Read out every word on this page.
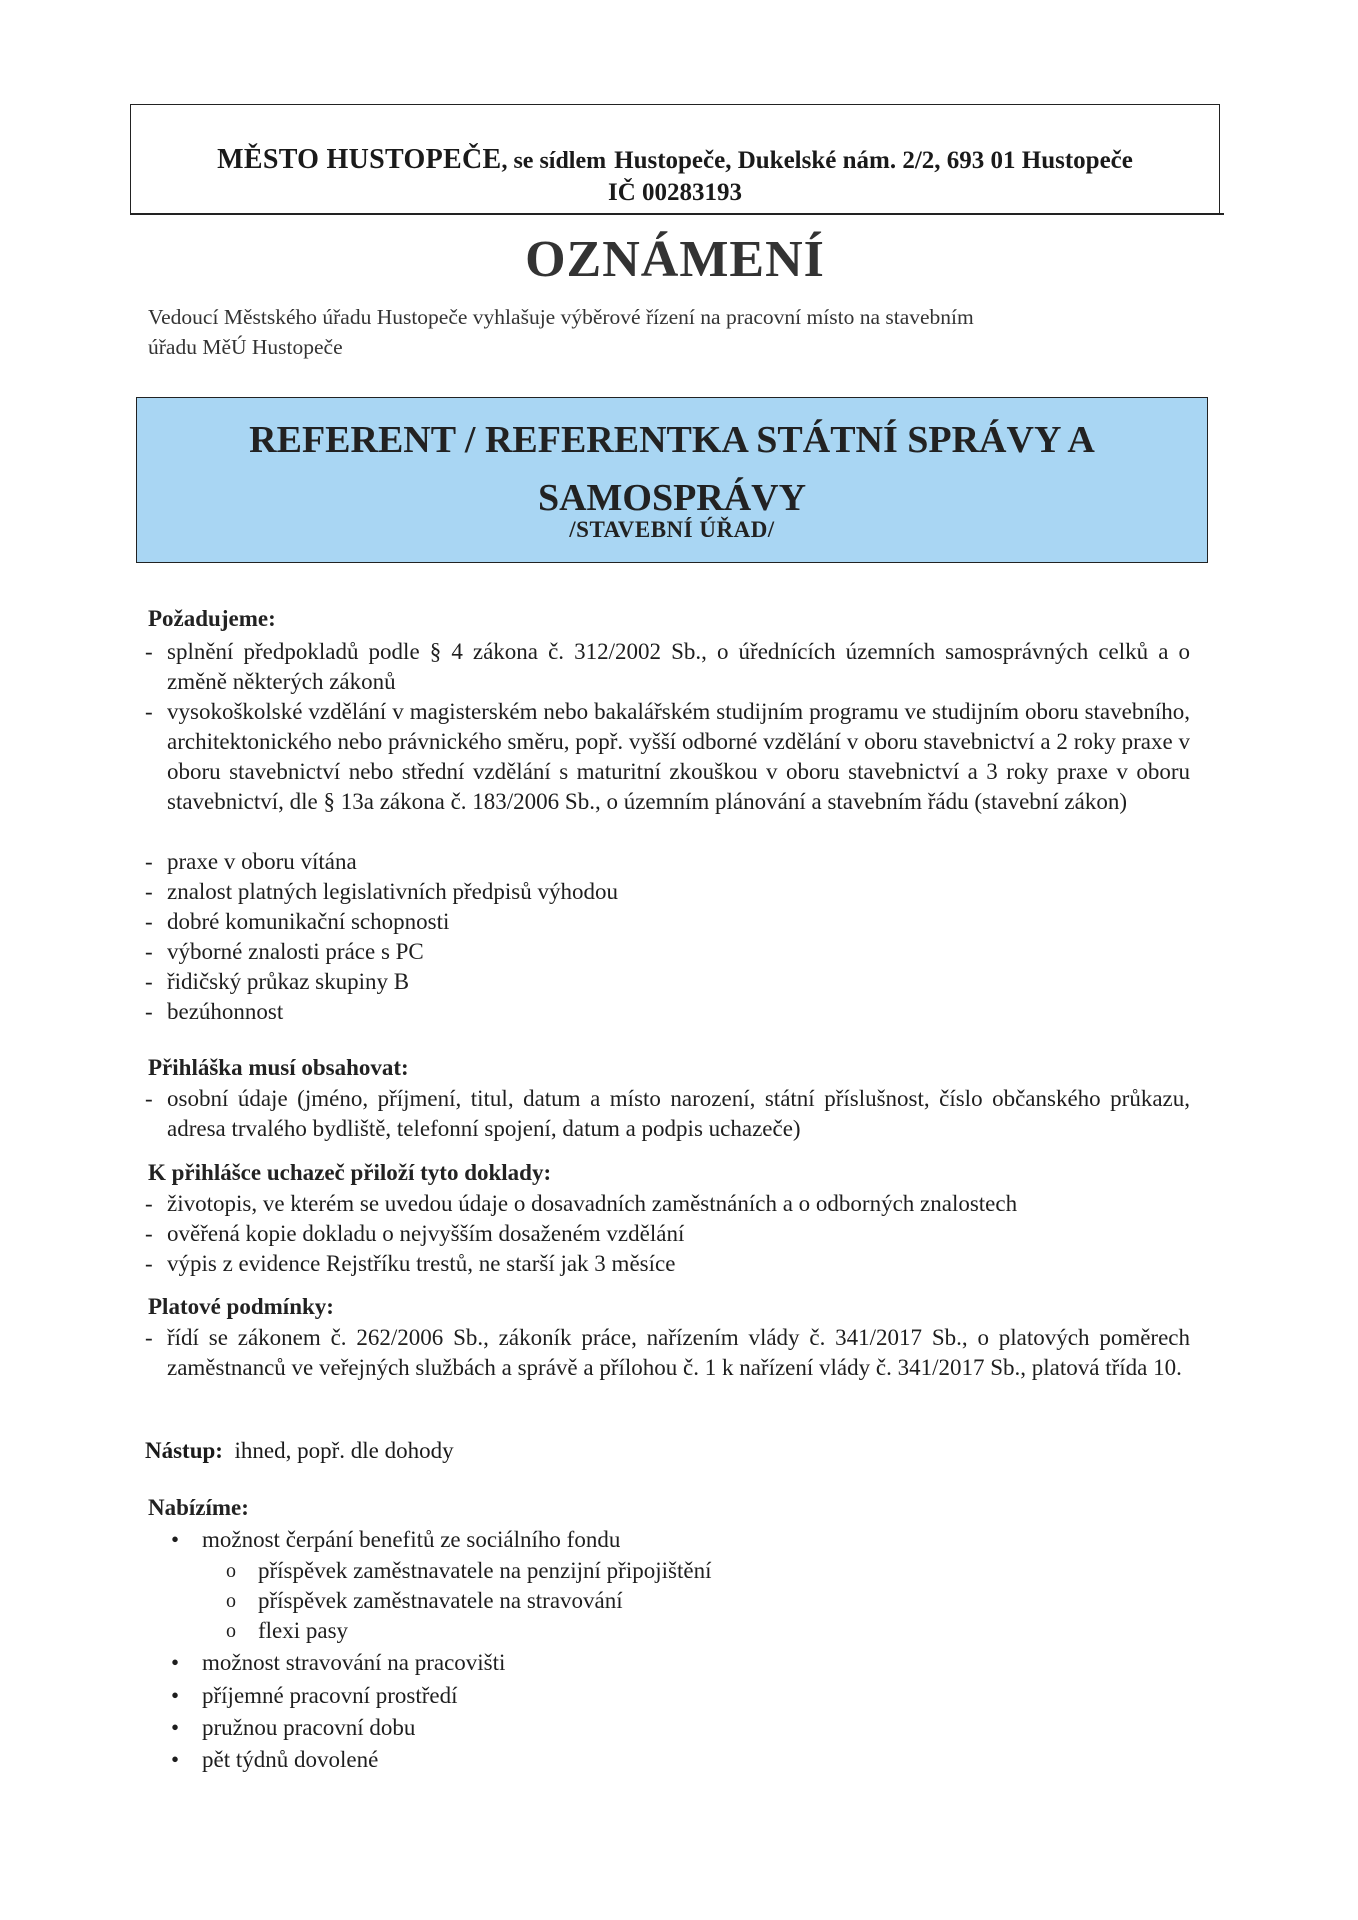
MĚSTO HUSTOPEČE, se sídlem Hustopeče, Dukelské nám. 2/2, 693 01 Hustopeče
IČ 00283193
OZNÁMENÍ
Vedoucí Městského úřadu Hustopeče vyhlašuje výběrové řízení na pracovní místo na stavebním
úřadu MěÚ Hustopeče
REFERENT / REFERENTKA STÁTNÍ SPRÁVY A
SAMOSPRÁVY
/STAVEBNÍ ÚŘAD/
Požadujeme:
- splnění předpokladů podle § 4 zákona č. 312/2002 Sb., o úřednících územních samosprávných celků a o změně některých zákonů
- vysokoškolské vzdělání v magisterském nebo bakalářském studijním programu ve studijním oboru stavebního, architektonického nebo právnického směru, popř. vyšší odborné vzdělání v oboru stavebnictví a 2 roky praxe v oboru stavebnictví nebo střední vzdělání s maturitní zkouškou v oboru stavebnictví a 3 roky praxe v oboru stavebnictví, dle § 13a zákona č. 183/2006 Sb., o územním plánování a stavebním řádu (stavební zákon)
- praxe v oboru vítána
- znalost platných legislativních předpisů výhodou
- dobré komunikační schopnosti
- výborné znalosti práce s PC
- řidičský průkaz skupiny B
- bezúhonnost
Přihláška musí obsahovat:
- osobní údaje (jméno, příjmení, titul, datum a místo narození, státní příslušnost, číslo občanského průkazu, adresa trvalého bydliště, telefonní spojení, datum a podpis uchazeče)
K přihlášce uchazeč přiloží tyto doklady:
- životopis, ve kterém se uvedou údaje o dosavadních zaměstnáních a o odborných znalostech
- ověřená kopie dokladu o nejvyšším dosaženém vzdělání
- výpis z evidence Rejstříku trestů, ne starší jak 3 měsíce
Platové podmínky:
- řídí se zákonem č. 262/2006 Sb., zákoník práce, nařízením vlády č. 341/2017 Sb., o platových poměrech zaměstnanců ve veřejných službách a správě a přílohou č. 1 k nařízení vlády č. 341/2017 Sb., platová třída 10.
Nástup: ihned, popř. dle dohody
Nabízíme:
• možnost čerpání benefitů ze sociálního fondu
o příspěvek zaměstnavatele na penzijní připojištění
o příspěvek zaměstnavatele na stravování
o flexi pasy
• možnost stravování na pracovišti
• příjemné pracovní prostředí
• pružnou pracovní dobu
• pět týdnů dovolené
